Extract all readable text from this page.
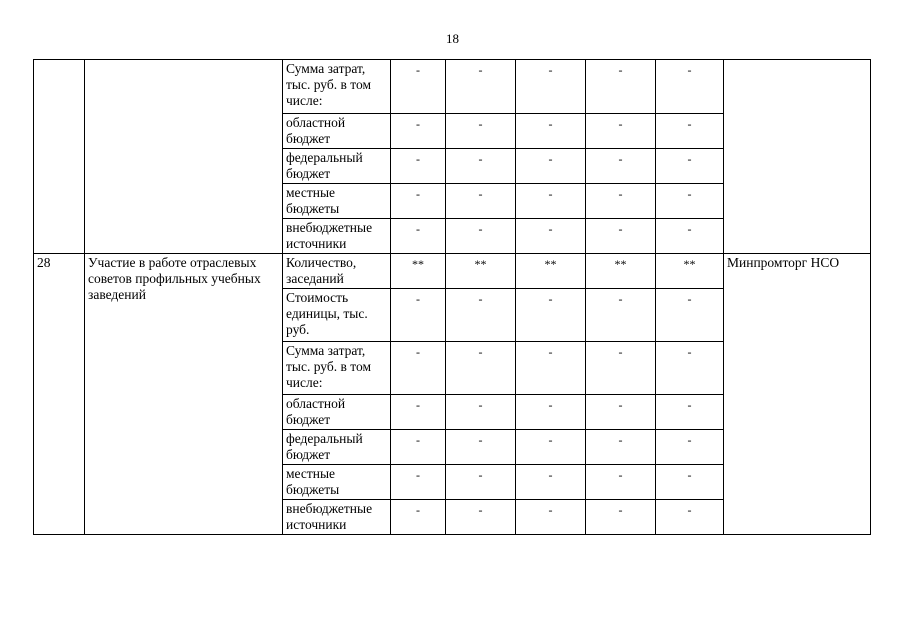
18
		Сумма затрат, тыс. руб. в том числе:	-	-	-	-	-	
		областной бюджет	-	-	-	-	-	
		федеральный бюджет	-	-	-	-	-	
		местные бюджеты	-	-	-	-	-	
		внебюджетные источники	-	-	-	-	-	
28	Участие в работе отраслевых советов профильных учебных заведений	Количество, заседаний	**	**	**	**	**	Минпромторг НСО
		Стоимость единицы, тыс. руб.	-	-	-	-	-	
		Сумма затрат, тыс. руб. в том числе:	-	-	-	-	-	
		областной бюджет	-	-	-	-	-	
		федеральный бюджет	-	-	-	-	-	
		местные бюджеты	-	-	-	-	-	
		внебюджетные источники	-	-	-	-	-	
